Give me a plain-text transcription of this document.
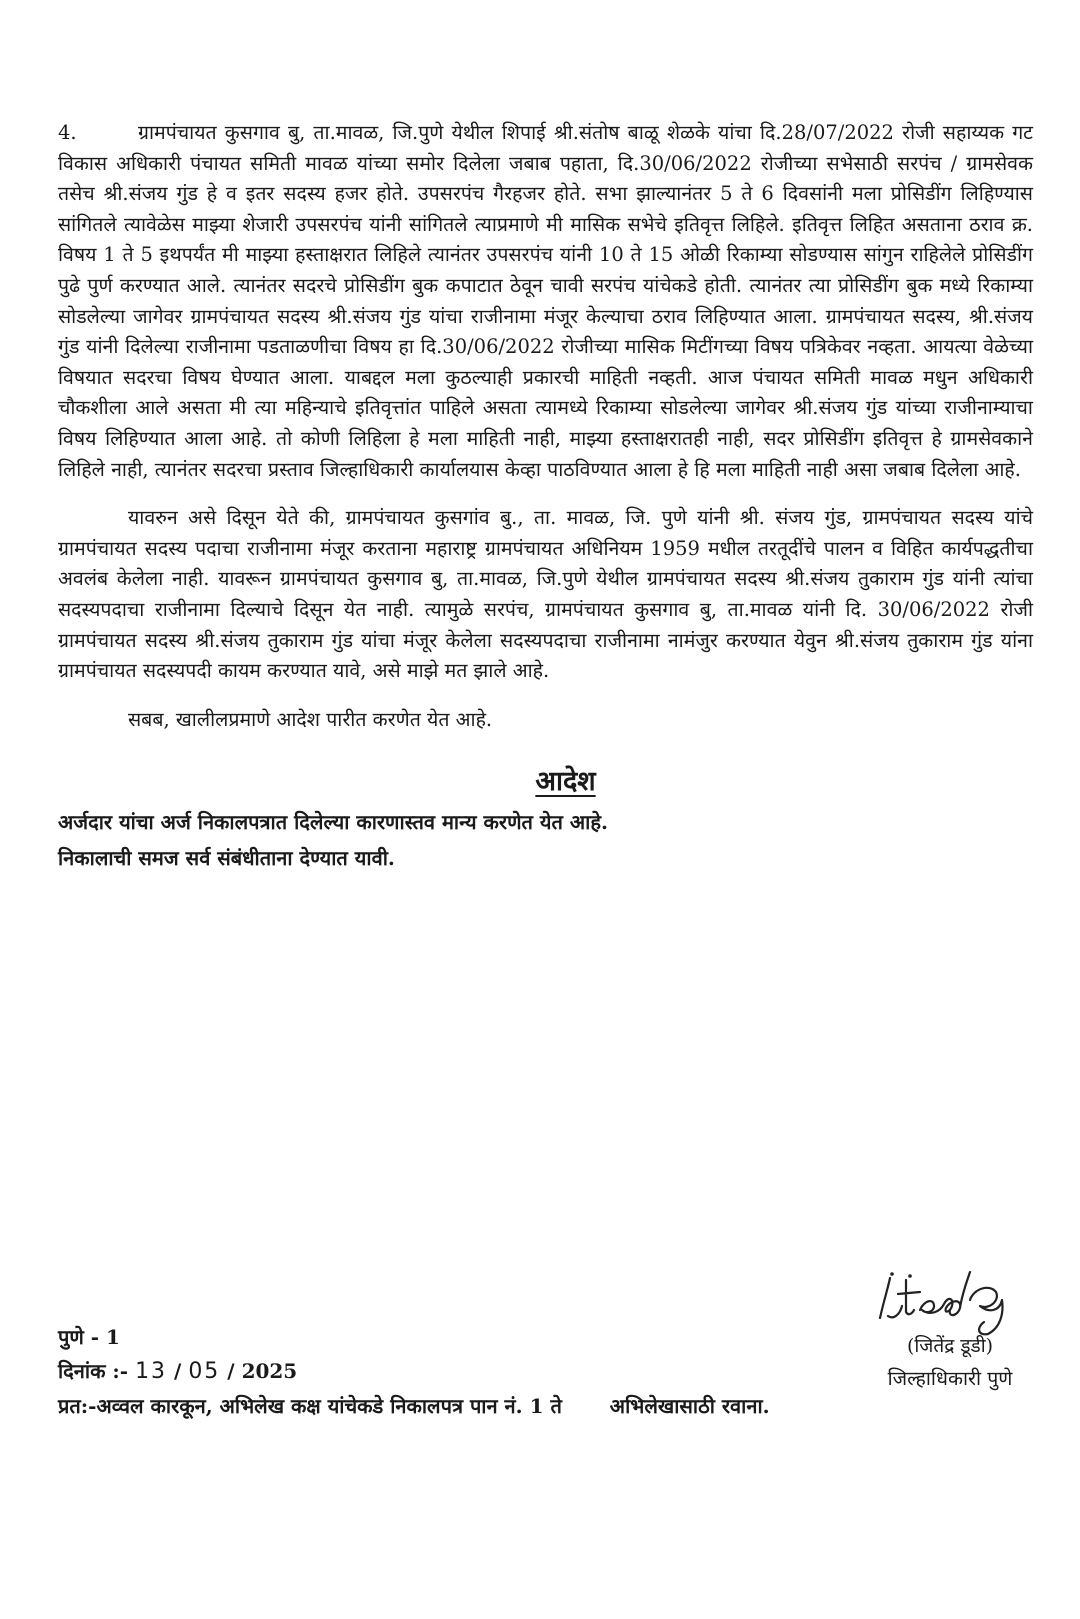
4.	ग्रामपंचायत कुसगाव बु, ता.मावळ, जि.पुणे येथील शिपाई श्री.संतोष बाळू शेळके यांचा दि.28/07/2022 रोजी सहाय्यक गट विकास अधिकारी पंचायत समिती मावळ यांच्या समोर दिलेला जबाब पहाता, दि.30/06/2022 रोजीच्या सभेसाठी सरपंच / ग्रामसेवक तसेच श्री.संजय गुंड हे व इतर सदस्य हजर होते. उपसरपंच गैरहजर होते. सभा झाल्यानंतर 5 ते 6 दिवसांनी मला प्रोसिडींग लिहिण्यास सांगितले त्यावेळेस माझ्या शेजारी उपसरपंच यांनी सांगितले त्याप्रमाणे मी मासिक सभेचे इतिवृत्त लिहिले. इतिवृत्त लिहित असताना ठराव क्र. विषय 1 ते 5 इथपर्यंत मी माझ्या हस्ताक्षरात लिहिले त्यानंतर उपसरपंच यांनी 10 ते 15 ओळी रिकाम्या सोडण्यास सांगुन राहिलेले प्रोसिडींग पुढे पुर्ण करण्यात आले. त्यानंतर सदरचे प्रोसिडींग बुक कपाटात ठेवून चावी सरपंच यांचेकडे होती. त्यानंतर त्या प्रोसिडींग बुक मध्ये रिकाम्या सोडलेल्या जागेवर ग्रामपंचायत सदस्य श्री.संजय गुंड यांचा राजीनामा मंजूर केल्याचा ठराव लिहिण्यात आला. ग्रामपंचायत सदस्य, श्री.संजय गुंड यांनी दिलेल्या राजीनामा पडताळणीचा विषय हा दि.30/06/2022 रोजीच्या मासिक मिटींगच्या विषय पत्रिकेवर नव्हता. आयत्या वेळेच्या विषयात सदरचा विषय घेण्यात आला. याबद्दल मला कुठल्याही प्रकारची माहिती नव्हती. आज पंचायत समिती मावळ मधुन अधिकारी चौकशीला आले असता मी त्या महिन्याचे इतिवृत्तांत पाहिले असता त्यामध्ये रिकाम्या सोडलेल्या जागेवर श्री.संजय गुंड यांच्या राजीनाम्याचा विषय लिहिण्यात आला आहे. तो कोणी लिहिला हे मला माहिती नाही, माझ्या हस्ताक्षरातही नाही, सदर प्रोसिडींग इतिवृत्त हे ग्रामसेवकाने लिहिले नाही, त्यानंतर सदरचा प्रस्ताव जिल्हाधिकारी कार्यालयास केव्हा पाठविण्यात आला हे हि मला माहिती नाही असा जबाब दिलेला आहे.

यावरुन असे दिसून येते की, ग्रामपंचायत कुसगांव बु., ता. मावळ, जि. पुणे यांनी श्री. संजय गुंड, ग्रामपंचायत सदस्य यांचे ग्रामपंचायत सदस्य पदाचा राजीनामा मंजूर करताना महाराष्ट्र ग्रामपंचायत अधिनियम 1959 मधील तरतूदींचे पालन व विहित कार्यपद्धतीचा अवलंब केलेला नाही. यावरून ग्रामपंचायत कुसगाव बु, ता.मावळ, जि.पुणे येथील ग्रामपंचायत सदस्य श्री.संजय तुकाराम गुंड यांनी त्यांचा सदस्यपदाचा राजीनामा दिल्याचे दिसून येत नाही. त्यामुळे सरपंच, ग्रामपंचायत कुसगाव बु, ता.मावळ यांनी दि. 30/06/2022 रोजी ग्रामपंचायत सदस्य श्री.संजय तुकाराम गुंड यांचा मंजूर केलेला सदस्यपदाचा राजीनामा नामंजुर करण्यात येवुन श्री.संजय तुकाराम गुंड यांना ग्रामपंचायत सदस्यपदी कायम करण्यात यावे, असे माझे मत झाले आहे.

सबब, खालीलप्रमाणे आदेश पारीत करणेत येत आहे.

आदेश

अर्जदार यांचा अर्ज निकालपत्रात दिलेल्या कारणास्तव मान्य करणेत येत आहे.

निकालाची समज सर्व संबंधीताना देण्यात यावी.

(जितेंद्र डूडी)
जिल्हाधिकारी पुणे

पुणे - 1

दिनांक :- 13 / 05 / 2025

प्रत:-अव्वल कारकून, अभिलेख कक्ष यांचेकडे निकालपत्र पान नं. 1 ते अभिलेखासाठी रवाना.
